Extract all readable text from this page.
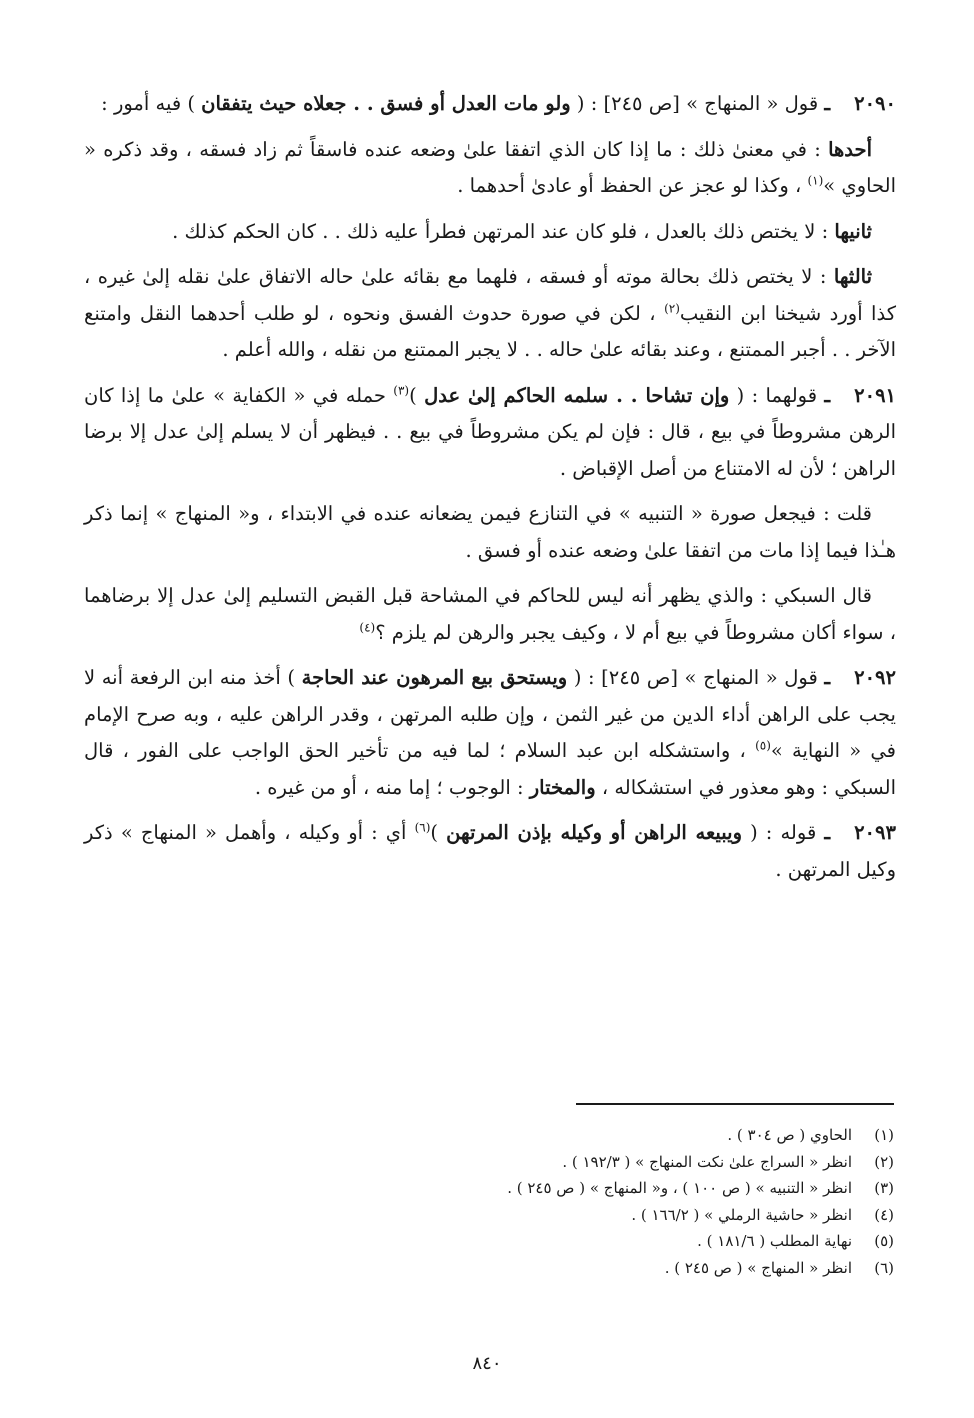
٢٠٩٠ـ قول « المنهاج » [ص ٢٤٥] : ( ولو مات العدل أو فسق . . جعلاه حيث يتفقان ) فيه أمور :

أحدها : في معنىٰ ذلك : ما إذا كان الذي اتفقا علىٰ وضعه عنده فاسقاً ثم زاد فسقه ، وقد ذكره « الحاوي »$^{(١)}$ ، وكذا لو عجز عن الحفظ أو عادىٰ أحدهما .

ثانيها : لا يختص ذلك بالعدل ، فلو كان عند المرتهن فطرأ عليه ذلك . . كان الحكم كذلك .

ثالثها : لا يختص ذلك بحالة موته أو فسقه ، فلهما مع بقائه علىٰ حاله الاتفاق علىٰ نقله إلىٰ غيره ، كذا أورد شيخنا ابن النقيب$^{(٢)}$ ، لكن في صورة حدوث الفسق ونحوه ، لو طلب أحدهما النقل وامتنع الآخر . . أجبر الممتنع ، وعند بقائه علىٰ حاله . . لا يجبر الممتنع من نقله ، والله أعلم .

٢٠٩١ـ قولهما : ( وإن تشاحا . . سلمه الحاكم إلىٰ عدل )$^{(٣)}$ حمله في « الكفاية » علىٰ ما إذا كان الرهن مشروطاً في بيع ، قال : فإن لم يكن مشروطاً في بيع . . فيظهر أن لا يسلم إلىٰ عدل إلا برضا الراهن ؛ لأن له الامتناع من أصل الإقباض .

قلت : فيجعل صورة « التنبيه » في التنازع فيمن يضعانه عنده في الابتداء ، و« المنهاج » إنما ذكر هـٰذا فيما إذا مات من اتفقا علىٰ وضعه عنده أو فسق .

قال السبكي : والذي يظهر أنه ليس للحاكم في المشاحة قبل القبض التسليم إلىٰ عدل إلا برضاهما ، سواء أكان مشروطاً في بيع أم لا ، وكيف يجبر والرهن لم يلزم ؟$^{(٤)}$

٢٠٩٢ـ قول « المنهاج » [ص ٢٤٥] : ( ويستحق بيع المرهون عند الحاجة ) أخذ منه ابن الرفعة أنه لا يجب على الراهن أداء الدين من غير الثمن ، وإن طلبه المرتهن ، وقدر الراهن عليه ، وبه صرح الإمام في « النهاية »$^{(٥)}$ ، واستشكله ابن عبد السلام ؛ لما فيه من تأخير الحق الواجب على الفور ، قال السبكي : وهو معذور في استشكاله ، والمختار : الوجوب ؛ إما منه ، أو من غيره .

٢٠٩٣ـ قوله : ( ويبيعه الراهن أو وكيله بإذن المرتهن )$^{(٦)}$ أي : أو وكيله ، وأهمل « المنهاج » ذكر وكيل المرتهن .

(١)
الحاوي ( ص ٣٠٤ ) .
(٢)
انظر « السراج علىٰ نكت المنهاج » ( ١٩٢/٣ ) .
(٣)
انظر « التنبيه » ( ص ١٠٠ ) ، و« المنهاج » ( ص ٢٤٥ ) .
(٤)
انظر « حاشية الرملي » ( ١٦٦/٢ ) .
(٥)
نهاية المطلب ( ١٨١/٦ ) .
(٦)
انظر « المنهاج » ( ص ٢٤٥ ) .
٨٤٠
